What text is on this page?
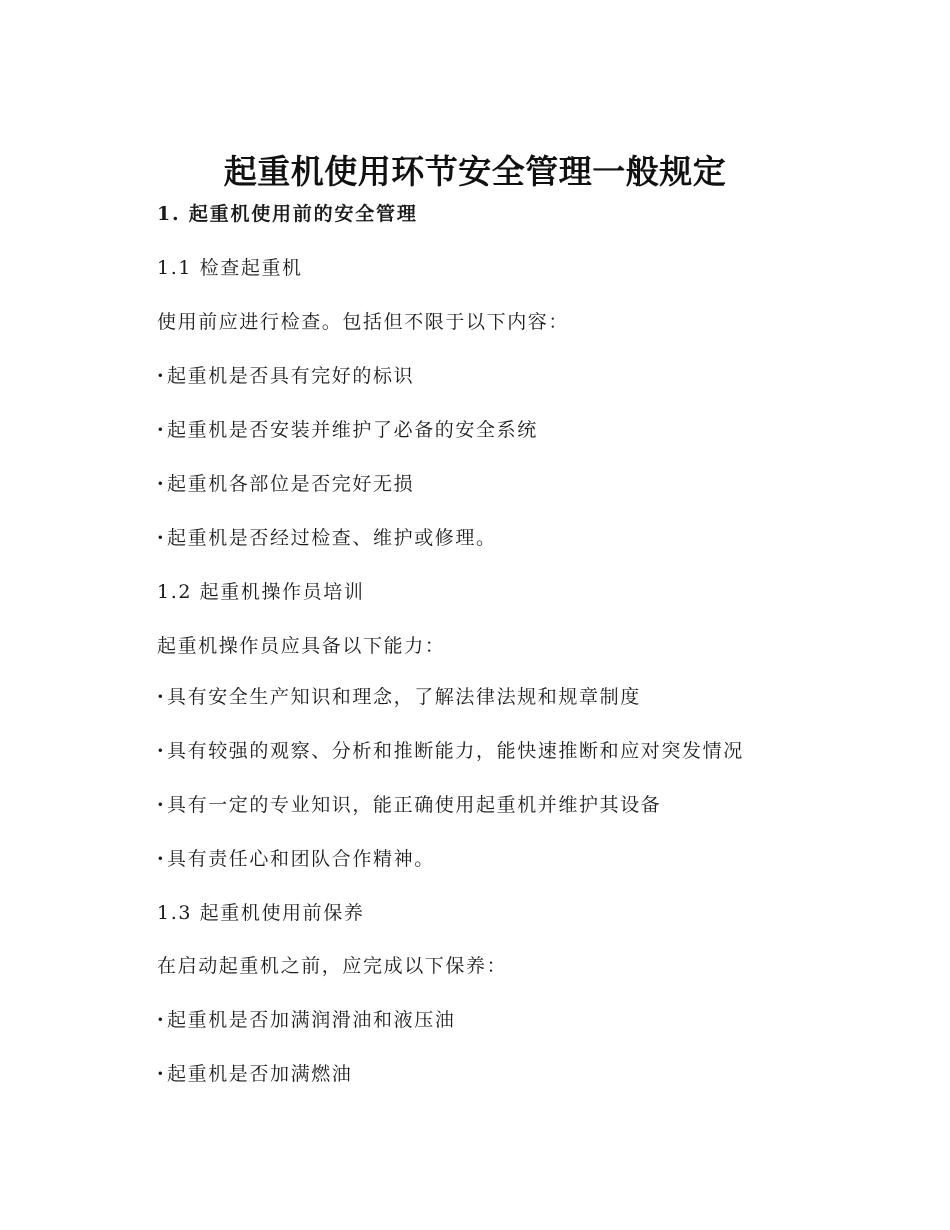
起重机使用环节安全管理一般规定
1. 起重机使用前的安全管理
1.1 检查起重机
使用前应进行检查。包括但不限于以下内容：
·起重机是否具有完好的标识
·起重机是否安装并维护了必备的安全系统
·起重机各部位是否完好无损
·起重机是否经过检查、维护或修理。
1.2 起重机操作员培训
起重机操作员应具备以下能力：
·具有安全生产知识和理念，了解法律法规和规章制度
·具有较强的观察、分析和推断能力，能快速推断和应对突发情况
·具有一定的专业知识，能正确使用起重机并维护其设备
·具有责任心和团队合作精神。
1.3 起重机使用前保养
在启动起重机之前，应完成以下保养：
·起重机是否加满润滑油和液压油
·起重机是否加满燃油
